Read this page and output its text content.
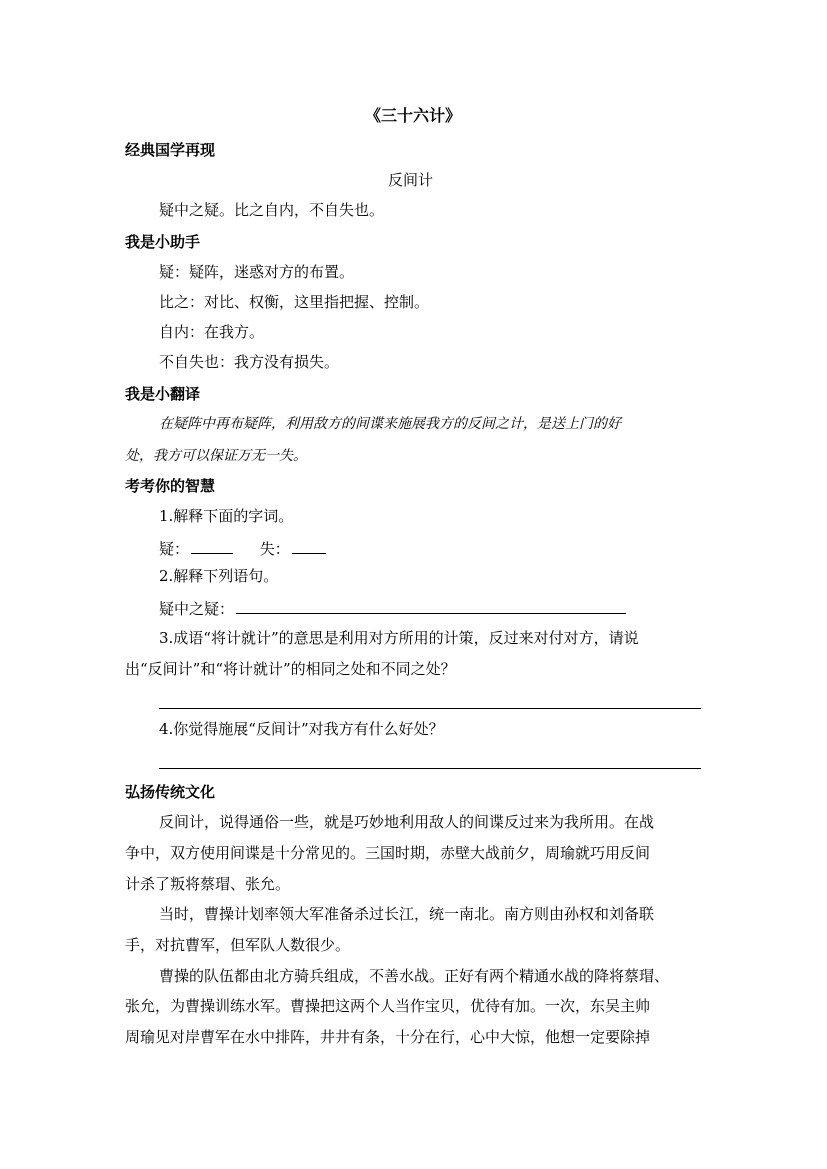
《三十六计》
经典国学再现
反间计
疑中之疑。比之自内，不自失也。
我是小助手
疑：疑阵，迷惑对方的布置。
比之：对比、权衡，这里指把握、控制。
自内：在我方。
不自失也：我方没有损失。
我是小翻译
在疑阵中再布疑阵，利用敌方的间谍来施展我方的反间之计，是送上门的好
处，我方可以保证万无一失。
考考你的智慧
1.解释下面的字词。
疑：	失：
2.解释下列语句。
疑中之疑：
3.成语“将计就计”的意思是利用对方所用的计策，反过来对付对方，请说
出“反间计”和“将计就计”的相同之处和不同之处？
4.你觉得施展“反间计”对我方有什么好处？
弘扬传统文化
反间计，说得通俗一些，就是巧妙地利用敌人的间谍反过来为我所用。在战
争中，双方使用间谍是十分常见的。三国时期，赤壁大战前夕，周瑜就巧用反间
计杀了叛将蔡瑁、张允。
当时，曹操计划率领大军准备杀过长江，统一南北。南方则由孙权和刘备联
手，对抗曹军，但军队人数很少。
曹操的队伍都由北方骑兵组成，不善水战。正好有两个精通水战的降将蔡瑁、
张允，为曹操训练水军。曹操把这两个人当作宝贝，优待有加。一次，东吴主帅
周瑜见对岸曹军在水中排阵，井井有条，十分在行，心中大惊，他想一定要除掉
